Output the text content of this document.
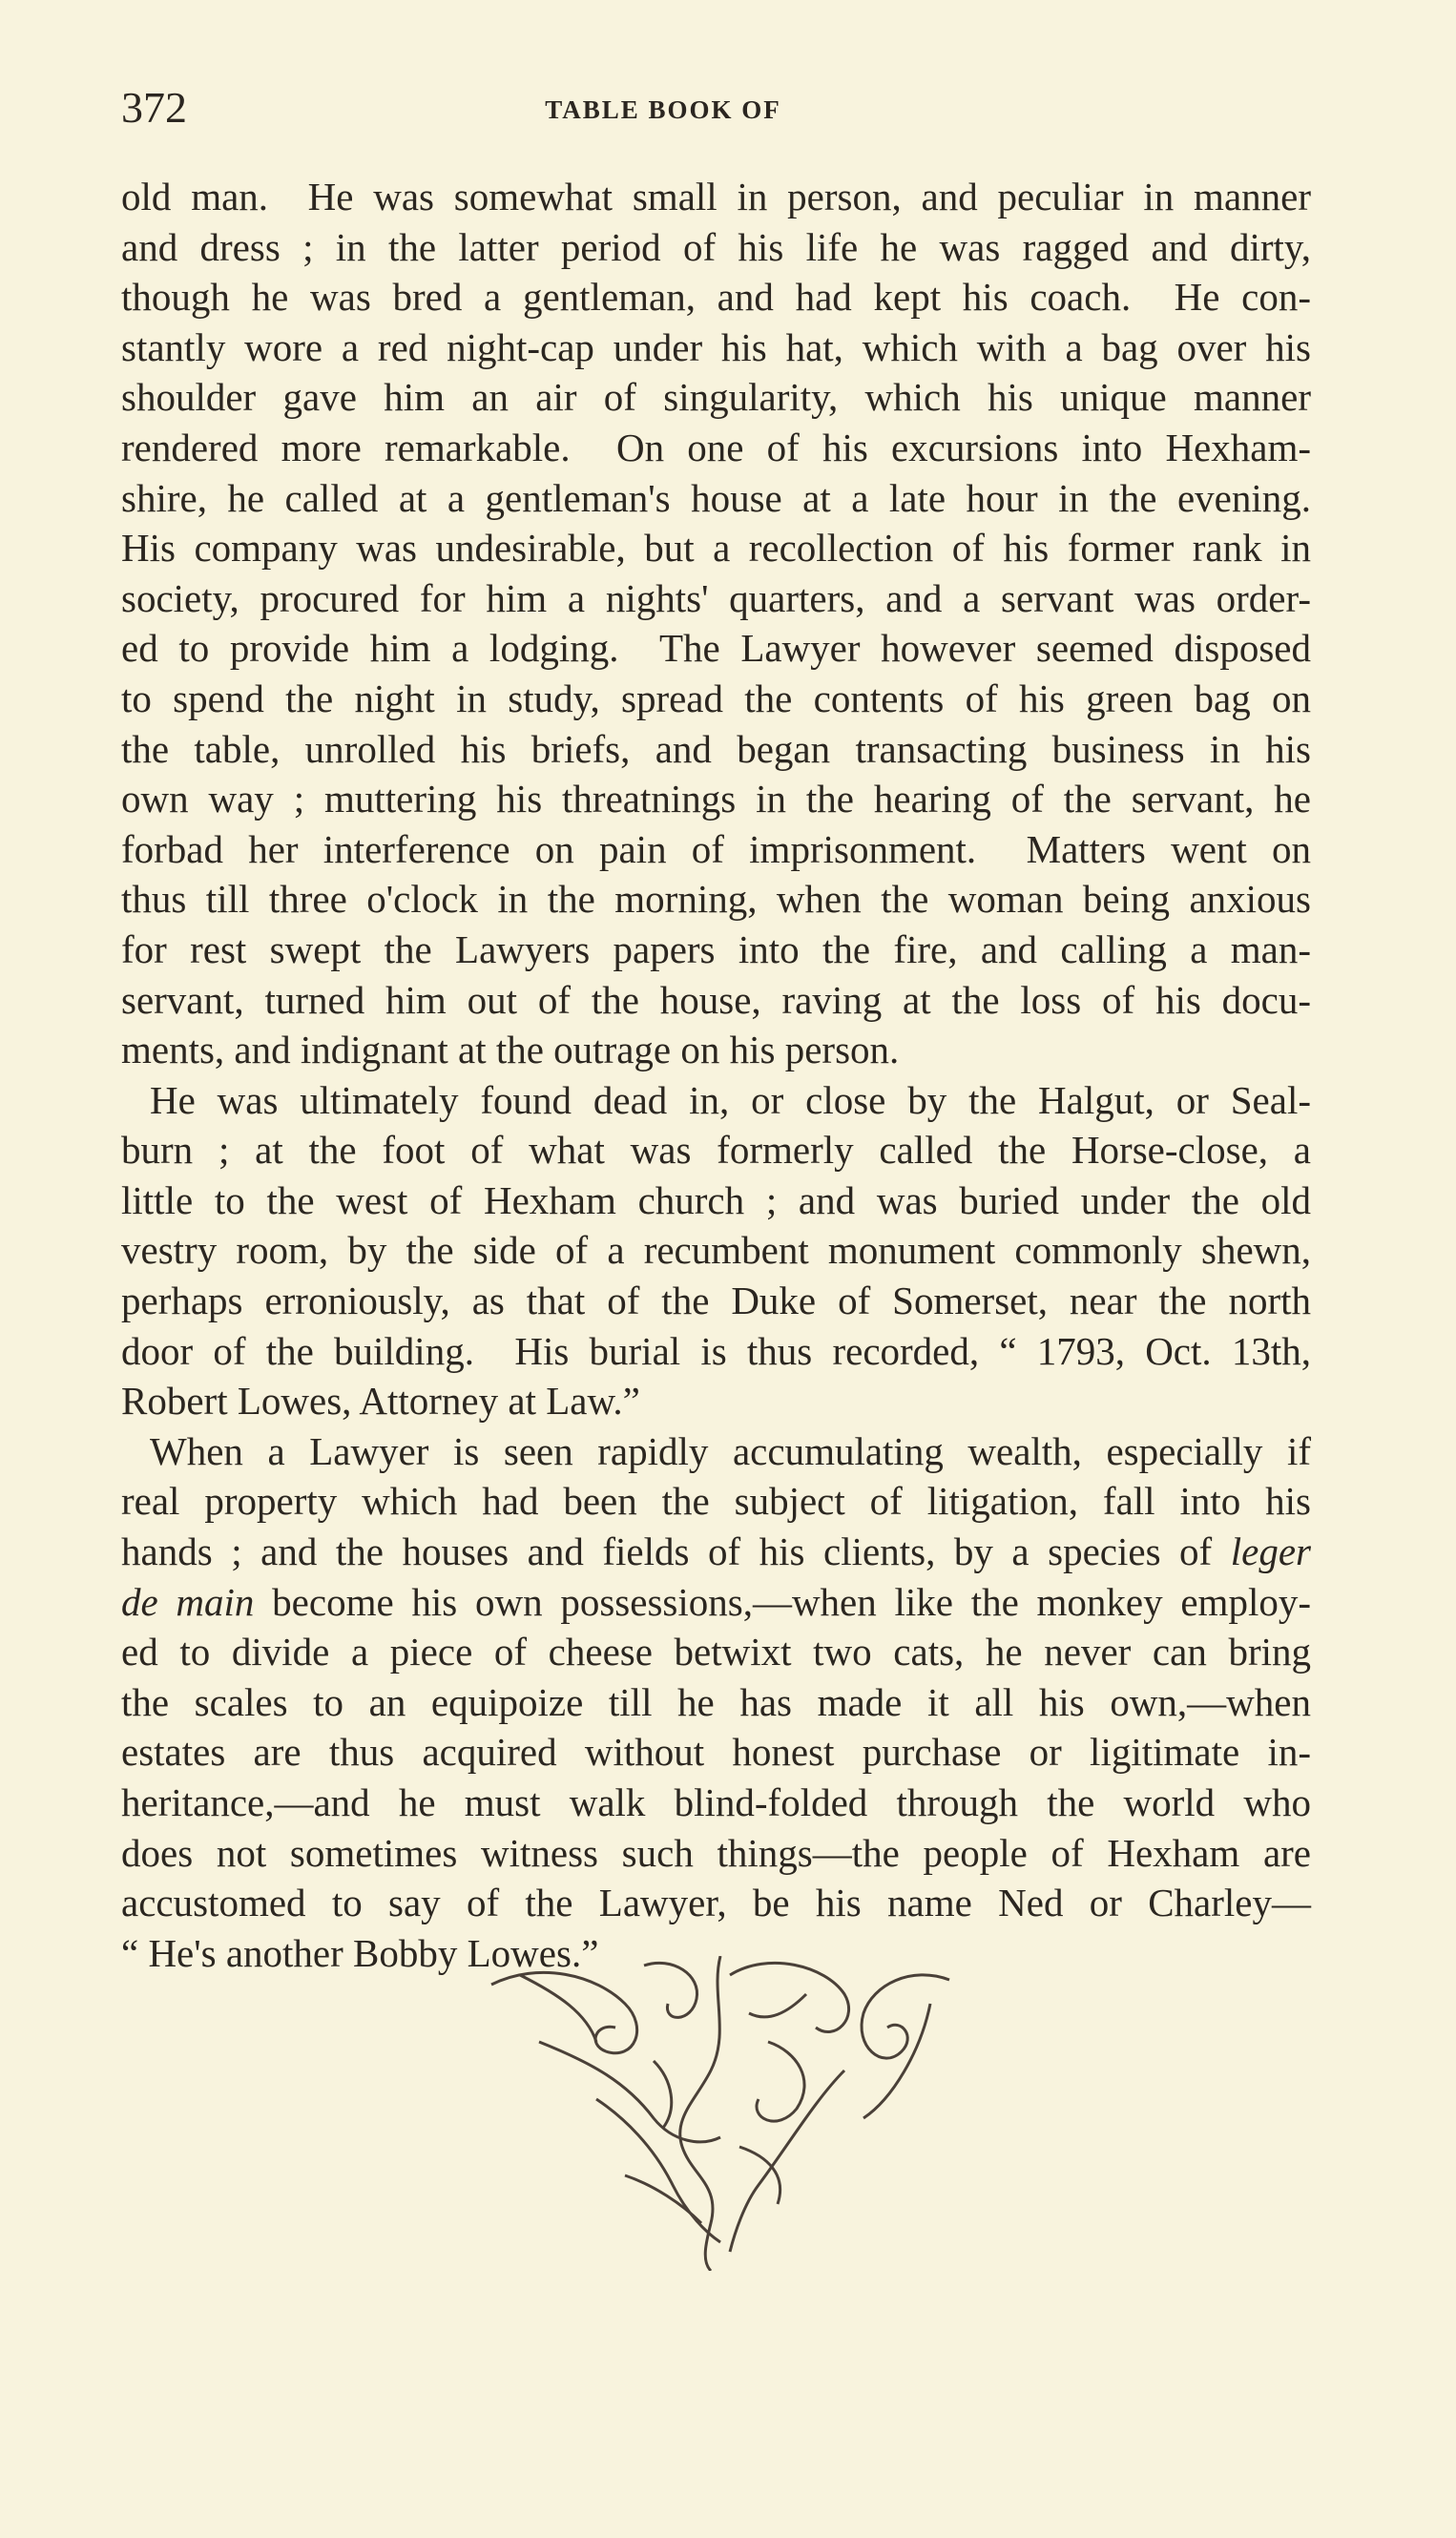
372	TABLE BOOK OF
old man.  He was somewhat small in person, and peculiar in manner
and dress ; in the latter period of his life he was ragged and dirty,
though he was bred a gentleman, and had kept his coach.  He con-
stantly wore a red night-cap under his hat, which with a bag over his
shoulder gave him an air of singularity, which his unique manner
rendered more remarkable.  On one of his excursions into Hexham-
shire, he called at a gentleman's house at a late hour in the evening.
His company was undesirable, but a recollection of his former rank in
society, procured for him a nights' quarters, and a servant was order-
ed to provide him a lodging.  The Lawyer however seemed disposed
to spend the night in study, spread the contents of his green bag on
the table, unrolled his briefs, and began transacting business in his
own way ; muttering his threatnings in the hearing of the servant, he
forbad her interference on pain of imprisonment.  Matters went on
thus till three o'clock in the morning, when the woman being anxious
for rest swept the Lawyers papers into the fire, and calling a man-
servant, turned him out of the house, raving at the loss of his docu-
ments, and indignant at the outrage on his person.
He was ultimately found dead in, or close by the Halgut, or Seal-
burn ; at the foot of what was formerly called the Horse-close, a
little to the west of Hexham church ; and was buried under the old
vestry room, by the side of a recumbent monument commonly shewn,
perhaps erroniously, as that of the Duke of Somerset, near the north
door of the building.  His burial is thus recorded, “ 1793, Oct. 13th,
Robert Lowes, Attorney at Law.”
When a Lawyer is seen rapidly accumulating wealth, especially if
real property which had been the subject of litigation, fall into his
hands ; and the houses and fields of his clients, by a species of leger
de main become his own possessions,—when like the monkey employ-
ed to divide a piece of cheese betwixt two cats, he never can bring
the scales to an equipoize till he has made it all his own,—when
estates are thus acquired without honest purchase or ligitimate in-
heritance,—and he must walk blind-folded through the world who
does not sometimes witness such things—the people of Hexham are
accustomed to say of the Lawyer, be his name Ned or Charley—
“ He's another Bobby Lowes.”
